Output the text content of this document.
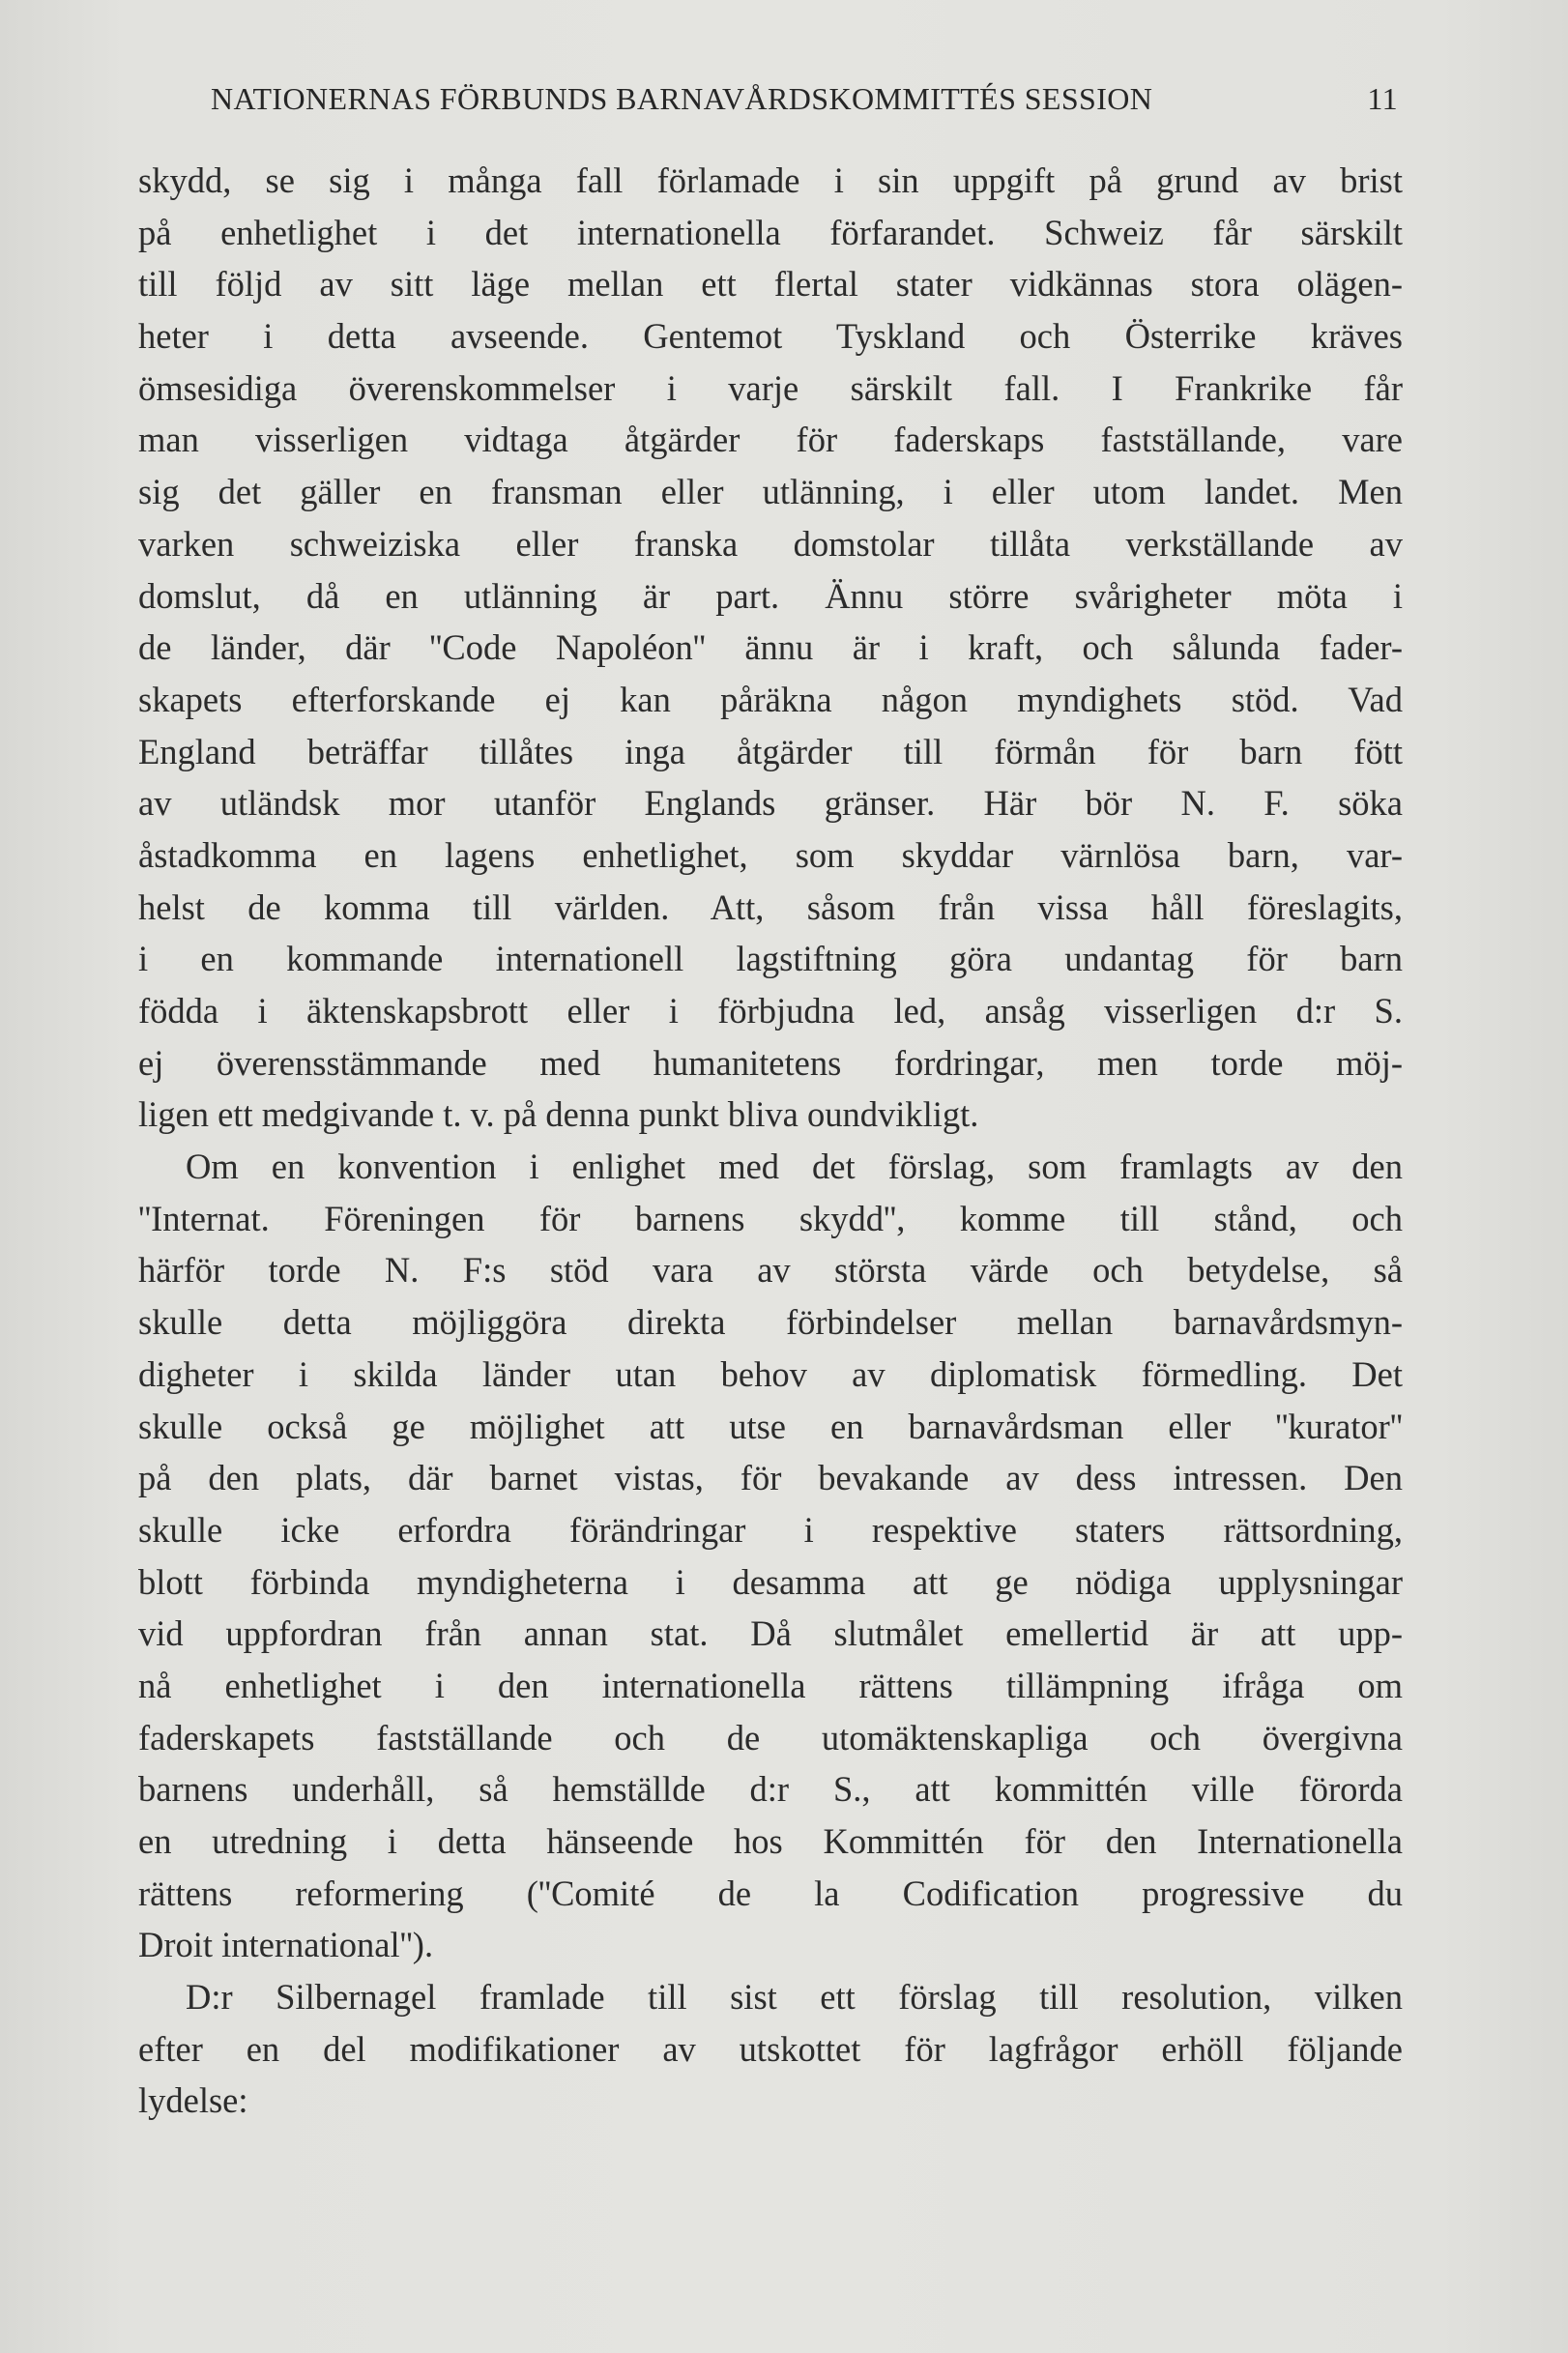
NATIONERNAS FÖRBUNDS BARNAVÅRDSKOMMITTÉS SESSION	11
skydd, se sig i många fall förlamade i sin uppgift på grund av brist
på enhetlighet i det internationella förfarandet. Schweiz får särskilt
till följd av sitt läge mellan ett flertal stater vidkännas stora olägen-
heter i detta avseende. Gentemot Tyskland och Österrike kräves
ömsesidiga överenskommelser i varje särskilt fall. I Frankrike får
man visserligen vidtaga åtgärder för faderskaps fastställande, vare
sig det gäller en fransman eller utlänning, i eller utom landet. Men
varken schweiziska eller franska domstolar tillåta verkställande av
domslut, då en utlänning är part. Ännu större svårigheter möta i
de länder, där ''Code Napoléon'' ännu är i kraft, och sålunda fader-
skapets efterforskande ej kan påräkna någon myndighets stöd. Vad
England beträffar tillåtes inga åtgärder till förmån för barn fött
av utländsk mor utanför Englands gränser. Här bör N. F. söka
åstadkomma en lagens enhetlighet, som skyddar värnlösa barn, var-
helst de komma till världen. Att, såsom från vissa håll föreslagits,
i en kommande internationell lagstiftning göra undantag för barn
födda i äktenskapsbrott eller i förbjudna led, ansåg visserligen d:r S.
ej överensstämmande med humanitetens fordringar, men torde möj-
ligen ett medgivande t. v. på denna punkt bliva oundvikligt.
Om en konvention i enlighet med det förslag, som framlagts av den
''Internat. Föreningen för barnens skydd'', komme till stånd, och
härför torde N. F:s stöd vara av största värde och betydelse, så
skulle detta möjliggöra direkta förbindelser mellan barnavårdsmyn-
digheter i skilda länder utan behov av diplomatisk förmedling. Det
skulle också ge möjlighet att utse en barnavårdsman eller ''kurator''
på den plats, där barnet vistas, för bevakande av dess intressen. Den
skulle icke erfordra förändringar i respektive staters rättsordning,
blott förbinda myndigheterna i desamma att ge nödiga upplysningar
vid uppfordran från annan stat. Då slutmålet emellertid är att upp-
nå enhetlighet i den internationella rättens tillämpning ifråga om
faderskapets fastställande och de utomäktenskapliga och övergivna
barnens underhåll, så hemställde d:r S., att kommittén ville förorda
en utredning i detta hänseende hos Kommittén för den Internationella
rättens reformering (''Comité de la Codification progressive du
Droit international'').
D:r Silbernagel framlade till sist ett förslag till resolution, vilken
efter en del modifikationer av utskottet för lagfrågor erhöll följande
lydelse:
